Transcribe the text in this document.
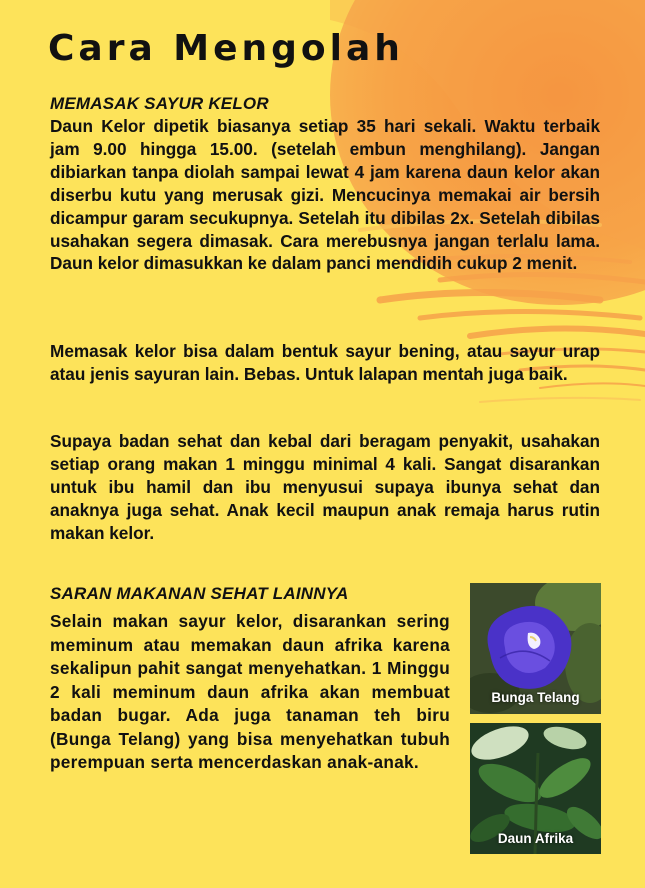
Cara Mengolah
MEMASAK SAYUR KELOR
Daun Kelor dipetik biasanya setiap 35 hari sekali. Waktu terbaik jam 9.00 hingga 15.00. (setelah embun menghilang). Jangan dibiarkan tanpa diolah sampai lewat 4 jam karena daun kelor akan diserbu kutu yang merusak gizi. Mencucinya memakai air bersih dicampur garam secukupnya. Setelah itu dibilas 2x. Setelah dibilas usahakan segera dimasak. Cara merebusnya jangan terlalu lama. Daun kelor dimasukkan ke dalam panci mendidih cukup 2 menit.
Memasak kelor bisa dalam bentuk sayur bening, atau sayur urap atau jenis sayuran lain. Bebas. Untuk lalapan mentah juga baik.
Supaya badan sehat dan kebal dari beragam penyakit, usahakan setiap orang makan 1 minggu minimal 4 kali. Sangat disarankan untuk ibu hamil dan ibu menyusui supaya ibunya sehat dan anaknya juga sehat. Anak kecil maupun anak remaja harus rutin makan kelor.
SARAN MAKANAN SEHAT LAINNYA
Selain makan sayur kelor, disarankan sering meminum atau memakan daun afrika karena sekalipun pahit sangat menyehatkan. 1 Minggu 2 kali meminum daun afrika akan membuat badan bugar. Ada juga tanaman teh biru (Bunga Telang) yang bisa menyehatkan tubuh perempuan serta mencerdaskan anak-anak.
Bunga Telang
Daun Afrika
